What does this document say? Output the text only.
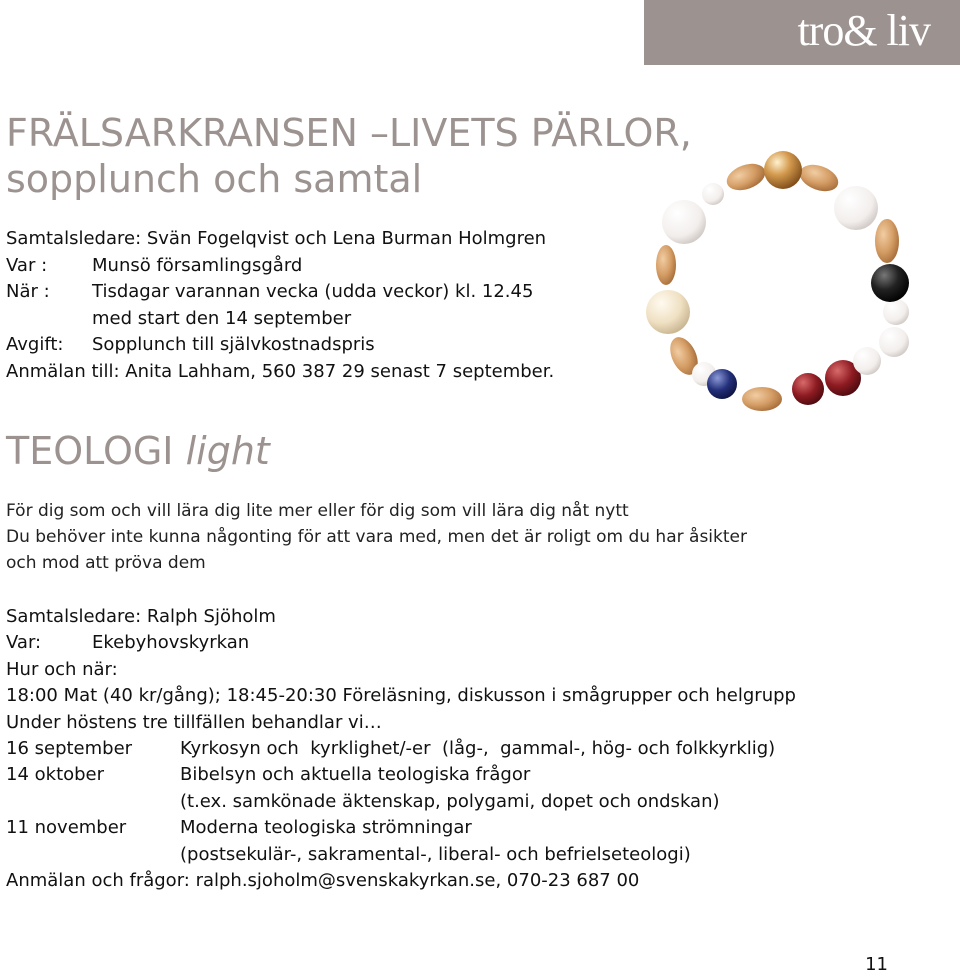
tro& liv
FRÄLSARKRANSEN –LIVETS PÄRLOR,
sopplunch och samtal
Samtalsledare: Svän Fogelqvist och Lena Burman Holmgren
Var :	Munsö församlingsgård
När :	Tisdagar varannan vecka (udda veckor) kl. 12.45
med start den 14 september
Avgift:	Sopplunch till självkostnadspris
Anmälan till: Anita Lahham, 560 387 29 senast 7 september.
TEOLOGI light
För dig som och vill lära dig lite mer eller för dig som vill lära dig nåt nytt
Du behöver inte kunna någonting för att vara med, men det är roligt om du har åsikter
och mod att pröva dem
Samtalsledare: Ralph Sjöholm
Var:	Ekebyhovskyrkan
Hur och när:
18:00 Mat (40 kr/gång); 18:45-20:30 Föreläsning, diskusson i smågrupper och helgrupp
Under höstens tre tillfällen behandlar vi…
16 september	Kyrkosyn och  kyrklighet/-er  (låg-,  gammal-, hög- och folkkyrklig)
14 oktober	Bibelsyn och aktuella teologiska frågor
(t.ex. samkönade äktenskap, polygami, dopet och ondskan)
11 november	Moderna teologiska strömningar
(postsekulär-, sakramental-, liberal- och befrielseteologi)
Anmälan och frågor: ralph.sjoholm@svenskakyrkan.se, 070-23 687 00
11
